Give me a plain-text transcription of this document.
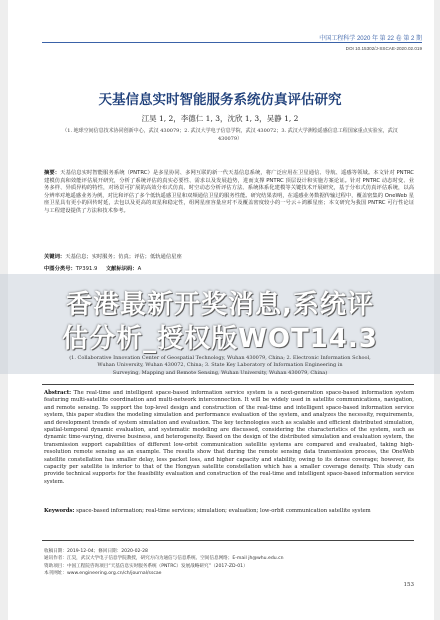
中国工程科学 2020 年 第 22 卷 第 2 期
DOI 10.15302/J-SSCAE-2020.02.019
天基信息实时智能服务系统仿真评估研究
江昊 1, 2，李德仁 1, 3，沈欣 1, 3，吴静 1, 2
（1. 地球空间信息技术协同创新中心，武汉 430079；2. 武汉大学电子信息学院，武汉 430072；3. 武汉大学测绘遥感信息工程国家重点实验室，武汉 430079）
摘要：天基信息实时智能服务系统（PNTRC）是多星协同、多网互联的新一代天基信息系统，将广泛应用在卫星通信、导航、遥感等领域。本文针对 PNTRC 建模仿真和效能评估展开研究，分析了系统评估的真实必要性、需求以及发展趋势，进而支撑 PNTRC 顶层设计和实施方案论证。针对 PNTRC 动态时变、业务多样、异质异构的特性，对场景可扩展的高效分布式仿真、时空动态分析评估方法、系统体系化建模等关键技术开展研究，基于分布式仿真评估系统，以高分辨率对地遥感业务为例，对比和评估了多个低轨遥感卫星和双频通信卫星的服务性能。研究结果表明，在遥感业务数据传输过程中，覆盖密集的 OneWeb 星座卫星具有更小的回传时延，去包以及更高的双星和稳定性，组网星座容量应对不及覆盖密度较小的一号云＋鸿雁星座；本文研究为我国 PNTRC 可行性论证与工程建设提供了方法和技术参考。
关键词：天基信息；实时服务；仿真；评估；低轨通信星座
中图分类号：TP391.9 文献标识码：A
香港最新开奖消息,系统评
估分析_授权版WOT14.3
(1. Collaborative Innovation Center of Geospatial Technology, Wuhan 430079, China; 2. Electronic Information School,
Wuhan University, Wuhan 430072, China; 3. State Key Laboratory of Information Engineering in
Surveying, Mapping and Remote Sensing, Wuhan University, Wuhan 430079, China)
Abstract: The real-time and intelligent space-based information service system is a next-generation space-based information system featuring multi-satellite coordination and multi-network interconnection. It will be widely used in satellite communications, navigation, and remote sensing. To support the top-level design and construction of the real-time and intelligent space-based information service system, this paper studies the modeling simulation and performance evaluation of the system, and analyzes the necessity, requirements, and development trends of system simulation and evaluation. The key technologies such as scalable and efficient distributed simulation, spatial-temporal dynamic evaluation, and systematic modeling are discussed, considering the characteristics of the system, such as dynamic time-varying, diverse business, and heterogeneity. Based on the design of the distributed simulation and evaluation system, the transmission support capabilities of different low-orbit communication satellite systems are compared and evaluated, taking high-resolution remote sensing as an example. The results show that during the remote sensing data transmission process, the OneWeb satellite constellation has smaller delay, less packet loss, and higher capacity and stability, owing to its dense coverage; however, its capacity per satellite is inferior to that of the Hongyan satellite constellation which has a smaller coverage density. This study can provide technical supports for the feasibility evaluation and construction of the real-time and intelligent space-based information service system.
Keywords: space-based information; real-time services; simulation; evaluation; low-orbit communication satellite system
收稿日期：2019-12-04；修回日期：2020-02-28
通讯作者：江昊，武汉大学电子信息学院教授，研究方向为通信与信息系统、空间信息网络；E-mail jh@whu.edu.cn
资助项目：中国工程院咨询项目“天基信息实时服务系统（PNTRC）发展战略研究”（2017-ZD-01）
本刊网址：www.engineering.org.cn/ch/journal/sscae
153
